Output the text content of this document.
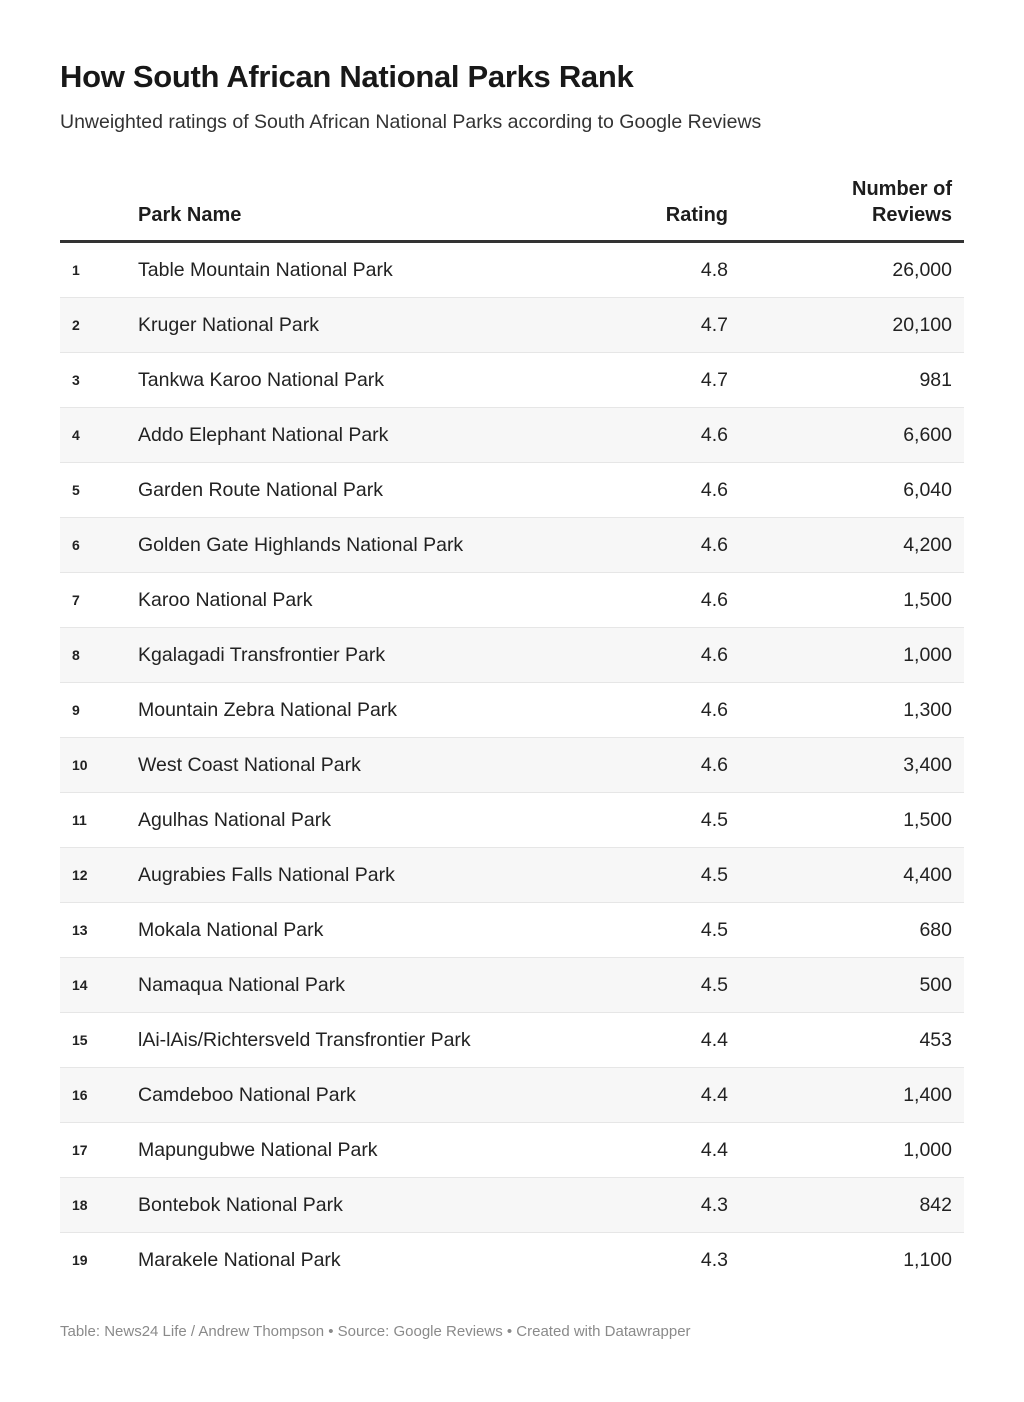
How South African National Parks Rank

Unweighted ratings of South African National Parks according to Google Reviews

	Park Name	Rating	Number of
Reviews
1	Table Mountain National Park	4.8	26,000
2	Kruger National Park	4.7	20,100
3	Tankwa Karoo National Park	4.7	981
4	Addo Elephant National Park	4.6	6,600
5	Garden Route National Park	4.6	6,040
6	Golden Gate Highlands National Park	4.6	4,200
7	Karoo National Park	4.6	1,500
8	Kgalagadi Transfrontier Park	4.6	1,000
9	Mountain Zebra National Park	4.6	1,300
10	West Coast National Park	4.6	3,400
11	Agulhas National Park	4.5	1,500
12	Augrabies Falls National Park	4.5	4,400
13	Mokala National Park	4.5	680
14	Namaqua National Park	4.5	500
15	lAi-lAis/Richtersveld Transfrontier Park	4.4	453
16	Camdeboo National Park	4.4	1,400
17	Mapungubwe National Park	4.4	1,000
18	Bontebok National Park	4.3	842
19	Marakele National Park	4.3	1,100
Table: News24 Life / Andrew Thompson • Source: Google Reviews • Created with Datawrapper
